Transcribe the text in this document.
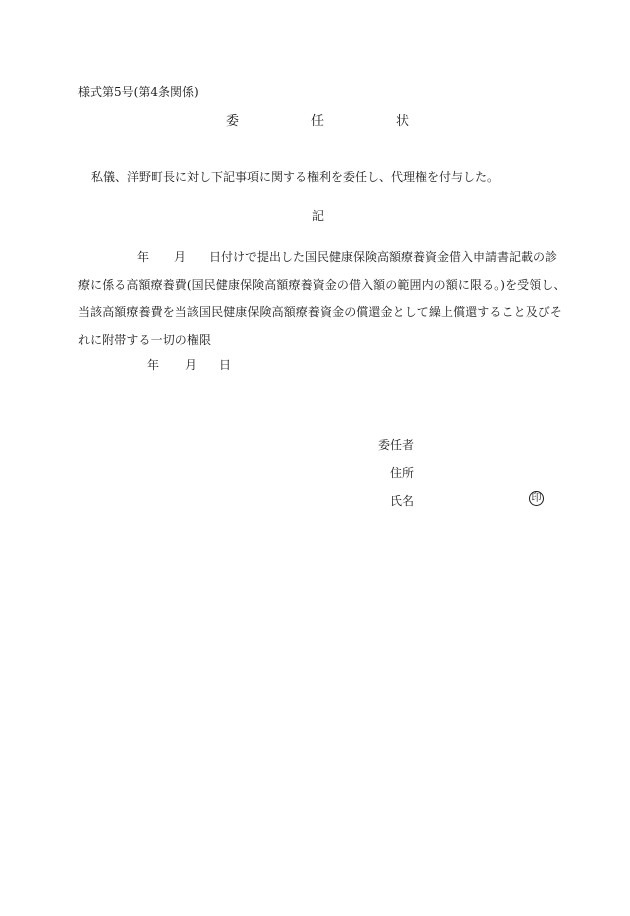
様式第5号(第4条関係)
委	任	状
私儀、洋野町長に対し下記事項に関する権利を委任し、代理権を付与した。
記
年 月 日付けで提出した国民健康保険高額療養資金借入申請書記載の診
療に係る高額療養費(国民健康保険高額療養資金の借入額の範囲内の額に限る。)を受領し、
当該高額療養費を当該国民健康保険高額療養資金の償還金として繰上償還すること及びそ
れに附帯する一切の権限
年 月 日
委任者
住所
氏名	印
